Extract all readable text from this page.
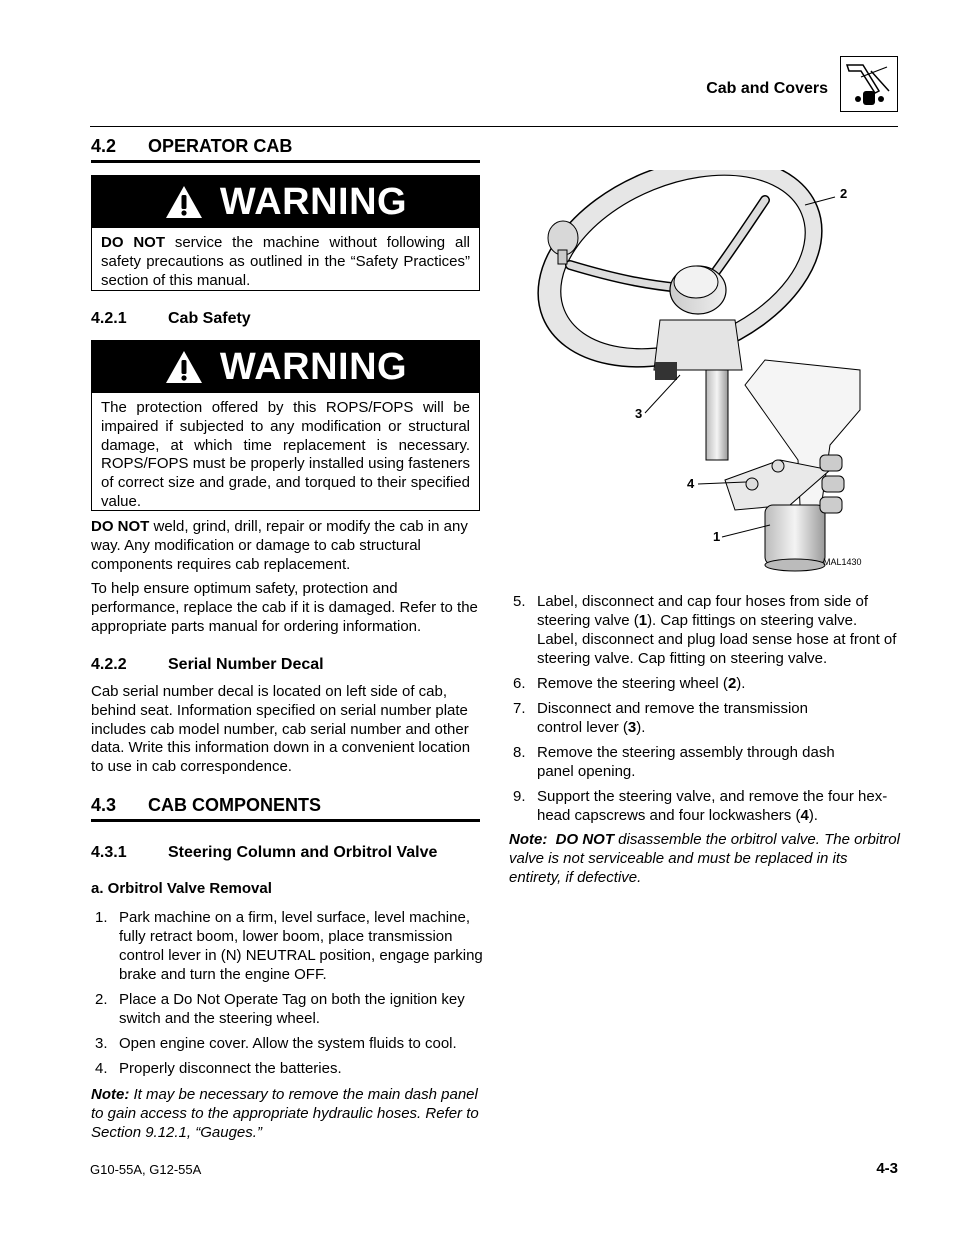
Cab and Covers
4.2 OPERATOR CAB
WARNING
DO NOT service the machine without following all safety precautions as outlined in the “Safety Practices” section of this manual.
4.2.1	Cab Safety
WARNING
The protection offered by this ROPS/FOPS will be impaired if subjected to any modification or structural damage, at which time replacement is necessary. ROPS/FOPS must be properly installed using fasteners of correct size and grade, and torqued to their specified value.
DO NOT weld, grind, drill, repair or modify the cab in any way. Any modification or damage to cab structural components requires cab replacement.
To help ensure optimum safety, protection and performance, replace the cab if it is damaged. Refer to the appropriate parts manual for ordering information.
4.2.2	Serial Number Decal
Cab serial number decal is located on left side of cab, behind seat. Information specified on serial number plate includes cab model number, cab serial number and other data. Write this information down in a convenient location to use in cab correspondence.
4.3 CAB COMPONENTS
4.3.1	Steering Column and Orbitrol Valve
a. Orbitrol Valve Removal
1. Park machine on a firm, level surface, level machine, fully retract boom, lower boom, place transmission control lever in (N) NEUTRAL position, engage parking brake and turn the engine OFF.
2. Place a Do Not Operate Tag on both the ignition key switch and the steering wheel.
3. Open engine cover. Allow the system fluids to cool.
4. Properly disconnect the batteries.
Note: It may be necessary to remove the main dash panel to gain access to the appropriate hydraulic hoses. Refer to Section 9.12.1, “Gauges.”
2
3
4
1
MAL1430
5. Label, disconnect and cap four hoses from side of steering valve (1). Cap fittings on steering valve. Label, disconnect and plug load sense hose at front of steering valve. Cap fitting on steering valve.
6. Remove the steering wheel (2).
7. Disconnect and remove the transmission control lever (3).
8. Remove the steering assembly through dash panel opening.
9. Support the steering valve, and remove the four hex-head capscrews and four lockwashers (4).
Note: DO NOT disassemble the orbitrol valve. The orbitrol valve is not serviceable and must be replaced in its entirety, if defective.
G10-55A, G12-55A	4-3
